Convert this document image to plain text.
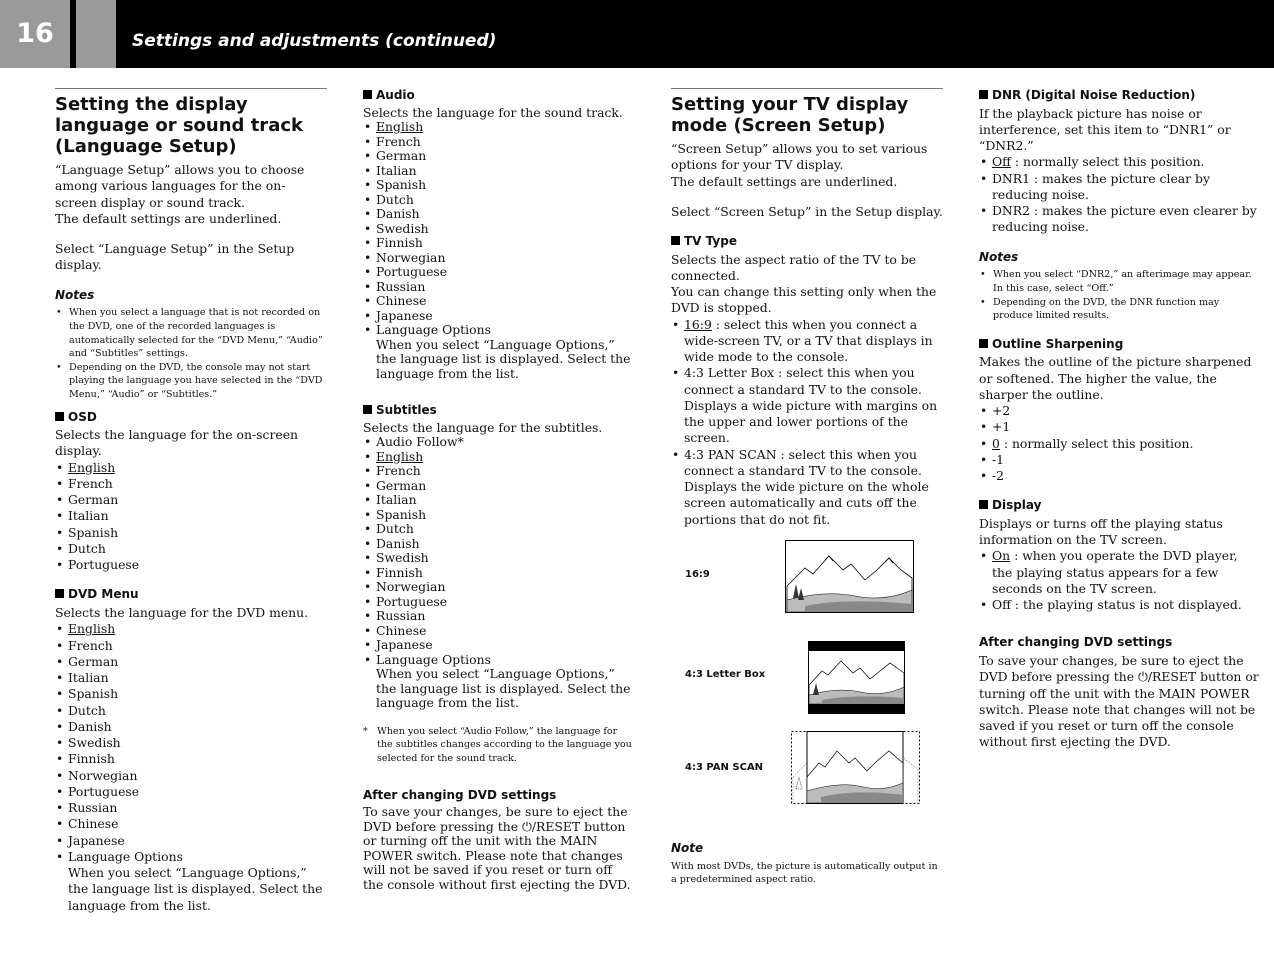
16	Settings and adjustments (continued)
Setting the display language or sound track (Language Setup)

“Language Setup” allows you to choose among various languages for the on-screen display or sound track.

The default settings are underlined.

Select “Language Setup” in the Setup display.

Notes
• When you select a language that is not recorded on the DVD, one of the recorded languages is automatically selected for the “DVD Menu,” “Audio” and “Subtitles” settings.
• Depending on the DVD, the console may not start playing the language you have selected in the “DVD Menu,” “Audio” or “Subtitles.”
OSD

Selects the language for the on-screen display.

• English
• French
• German
• Italian
• Spanish
• Dutch
• Portuguese
DVD Menu

Selects the language for the DVD menu.

• English
• French
• German
• Italian
• Spanish
• Dutch
• Danish
• Swedish
• Finnish
• Norwegian
• Portuguese
• Russian
• Chinese
• Japanese
• Language Options
When you select “Language Options,” the language list is displayed. Select the language from the list.
Audio

Selects the language for the sound track.

• English
• French
• German
• Italian
• Spanish
• Dutch
• Danish
• Swedish
• Finnish
• Norwegian
• Portuguese
• Russian
• Chinese
• Japanese
• Language Options
When you select “Language Options,” the language list is displayed. Select the language from the list.
Subtitles

Selects the language for the subtitles.

• Audio Follow*
• English
• French
• German
• Italian
• Spanish
• Dutch
• Danish
• Swedish
• Finnish
• Norwegian
• Portuguese
• Russian
• Chinese
• Japanese
• Language Options
When you select “Language Options,” the language list is displayed. Select the language from the list.
* When you select “Audio Follow,” the language for the subtitles changes according to the language you selected for the sound track.
After changing DVD settings

To save your changes, be sure to eject the DVD before pressing the ⏻/RESET button or turning off the unit with the MAIN POWER switch. Please note that changes will not be saved if you reset or turn off the console without first ejecting the DVD.

Setting your TV display mode (Screen Setup)

“Screen Setup” allows you to set various options for your TV display.

The default settings are underlined.

Select “Screen Setup” in the Setup display.

TV Type

Selects the aspect ratio of the TV to be connected.

You can change this setting only when the DVD is stopped.

• 16:9 : select this when you connect a wide-screen TV, or a TV that displays in wide mode to the console.
• 4:3 Letter Box : select this when you connect a standard TV to the console. Displays a wide picture with margins on the upper and lower portions of the screen.
• 4:3 PAN SCAN : select this when you connect a standard TV to the console. Displays the wide picture on the whole screen automatically and cuts off the portions that do not fit.
16:9
4:3 Letter Box
4:3 PAN SCAN
Note

With most DVDs, the picture is automatically output in a predetermined aspect ratio.

DNR (Digital Noise Reduction)

If the playback picture has noise or interference, set this item to “DNR1” or “DNR2.”

• Off : normally select this position.
• DNR1 : makes the picture clear by reducing noise.
• DNR2 : makes the picture even clearer by reducing noise.
Notes
• When you select “DNR2,” an afterimage may appear. In this case, select “Off.”
• Depending on the DVD, the DNR function may produce limited results.
Outline Sharpening

Makes the outline of the picture sharpened or softened. The higher the value, the sharper the outline.

• +2
• +1
• 0 : normally select this position.
• -1
• -2
Display

Displays or turns off the playing status information on the TV screen.

• On : when you operate the DVD player, the playing status appears for a few seconds on the TV screen.
• Off : the playing status is not displayed.
After changing DVD settings

To save your changes, be sure to eject the DVD before pressing the ⏻/RESET button or turning off the unit with the MAIN POWER switch. Please note that changes will not be saved if you reset or turn off the console without first ejecting the DVD.
